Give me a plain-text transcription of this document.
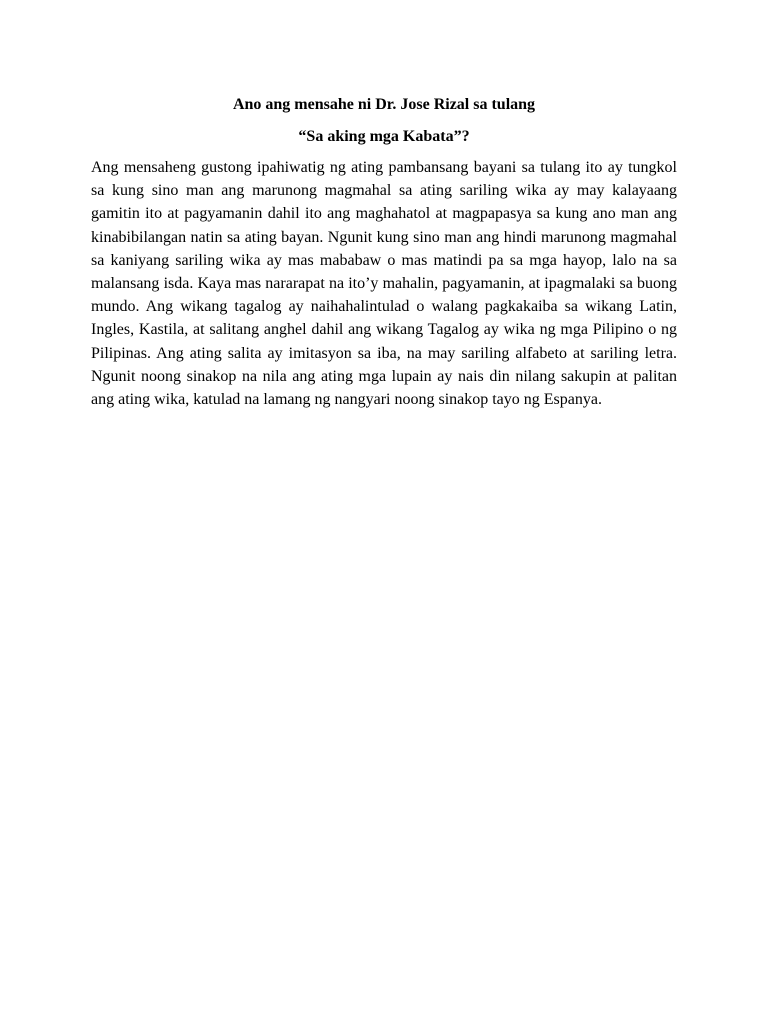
Ano ang mensahe ni Dr. Jose Rizal sa tulang
“Sa aking mga Kabata”?

Ang mensaheng gustong ipahiwatig ng ating pambansang bayani sa tulang ito ay tungkol sa kung sino man ang marunong magmahal sa ating sariling wika ay may kalayaang gamitin ito at pagyamanin dahil ito ang maghahatol at magpapasya sa kung ano man ang kinabibilangan natin sa ating bayan. Ngunit kung sino man ang hindi marunong magmahal sa kaniyang sariling wika ay mas mababaw o mas matindi pa sa mga hayop, lalo na sa malansang isda. Kaya mas nararapat na ito’y mahalin, pagyamanin, at ipagmalaki sa buong mundo. Ang wikang tagalog ay naihahalintulad o walang pagkakaiba sa wikang Latin, Ingles, Kastila, at salitang anghel dahil ang wikang Tagalog ay wika ng mga Pilipino o ng Pilipinas. Ang ating salita ay imitasyon sa iba, na may sariling alfabeto at sariling letra. Ngunit noong sinakop na nila ang ating mga lupain ay nais din nilang sakupin at palitan ang ating wika, katulad na lamang ng nangyari noong sinakop tayo ng Espanya.
